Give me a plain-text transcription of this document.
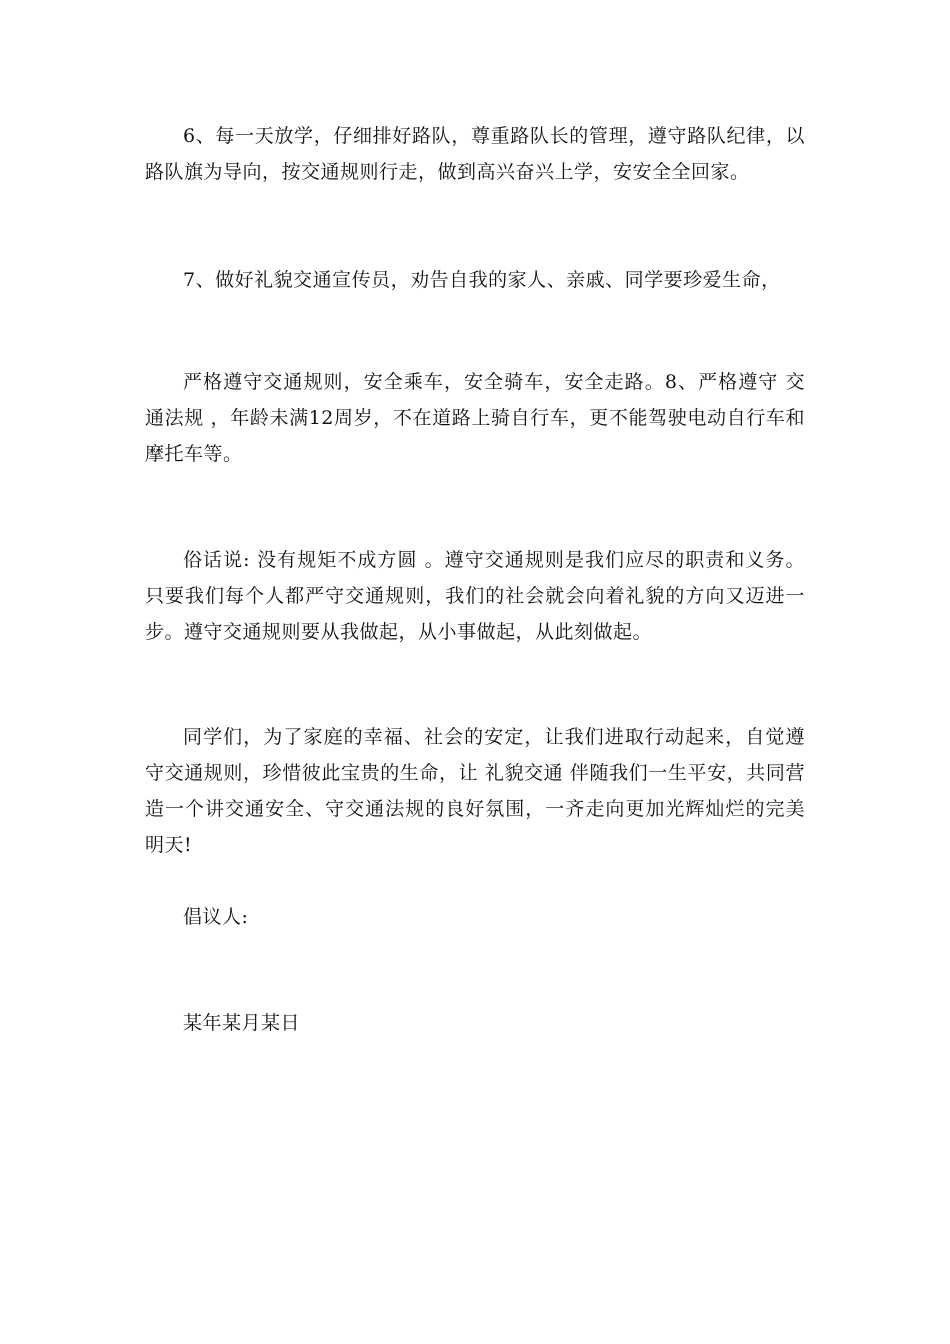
6、每一天放学，仔细排好路队，尊重路队长的管理，遵守路队纪律，以路队旗为导向，按交通规则行走，做到高兴奋兴上学，安安全全回家。

7、做好礼貌交通宣传员，劝告自我的家人、亲戚、同学要珍爱生命，

严格遵守交通规则，安全乘车，安全骑车，安全走路。8、严格遵守 交通法规 ，年龄未满12周岁，不在道路上骑自行车，更不能驾驶电动自行车和摩托车等。

俗话说: 没有规矩不成方圆 。遵守交通规则是我们应尽的职责和义务。只要我们每个人都严守交通规则，我们的社会就会向着礼貌的方向又迈进一步。遵守交通规则要从我做起，从小事做起，从此刻做起。

同学们，为了家庭的幸福、社会的安定，让我们进取行动起来，自觉遵守交通规则，珍惜彼此宝贵的生命，让 礼貌交通 伴随我们一生平安，共同营造一个讲交通安全、守交通法规的良好氛围，一齐走向更加光辉灿烂的完美明天!

倡议人:

某年某月某日
